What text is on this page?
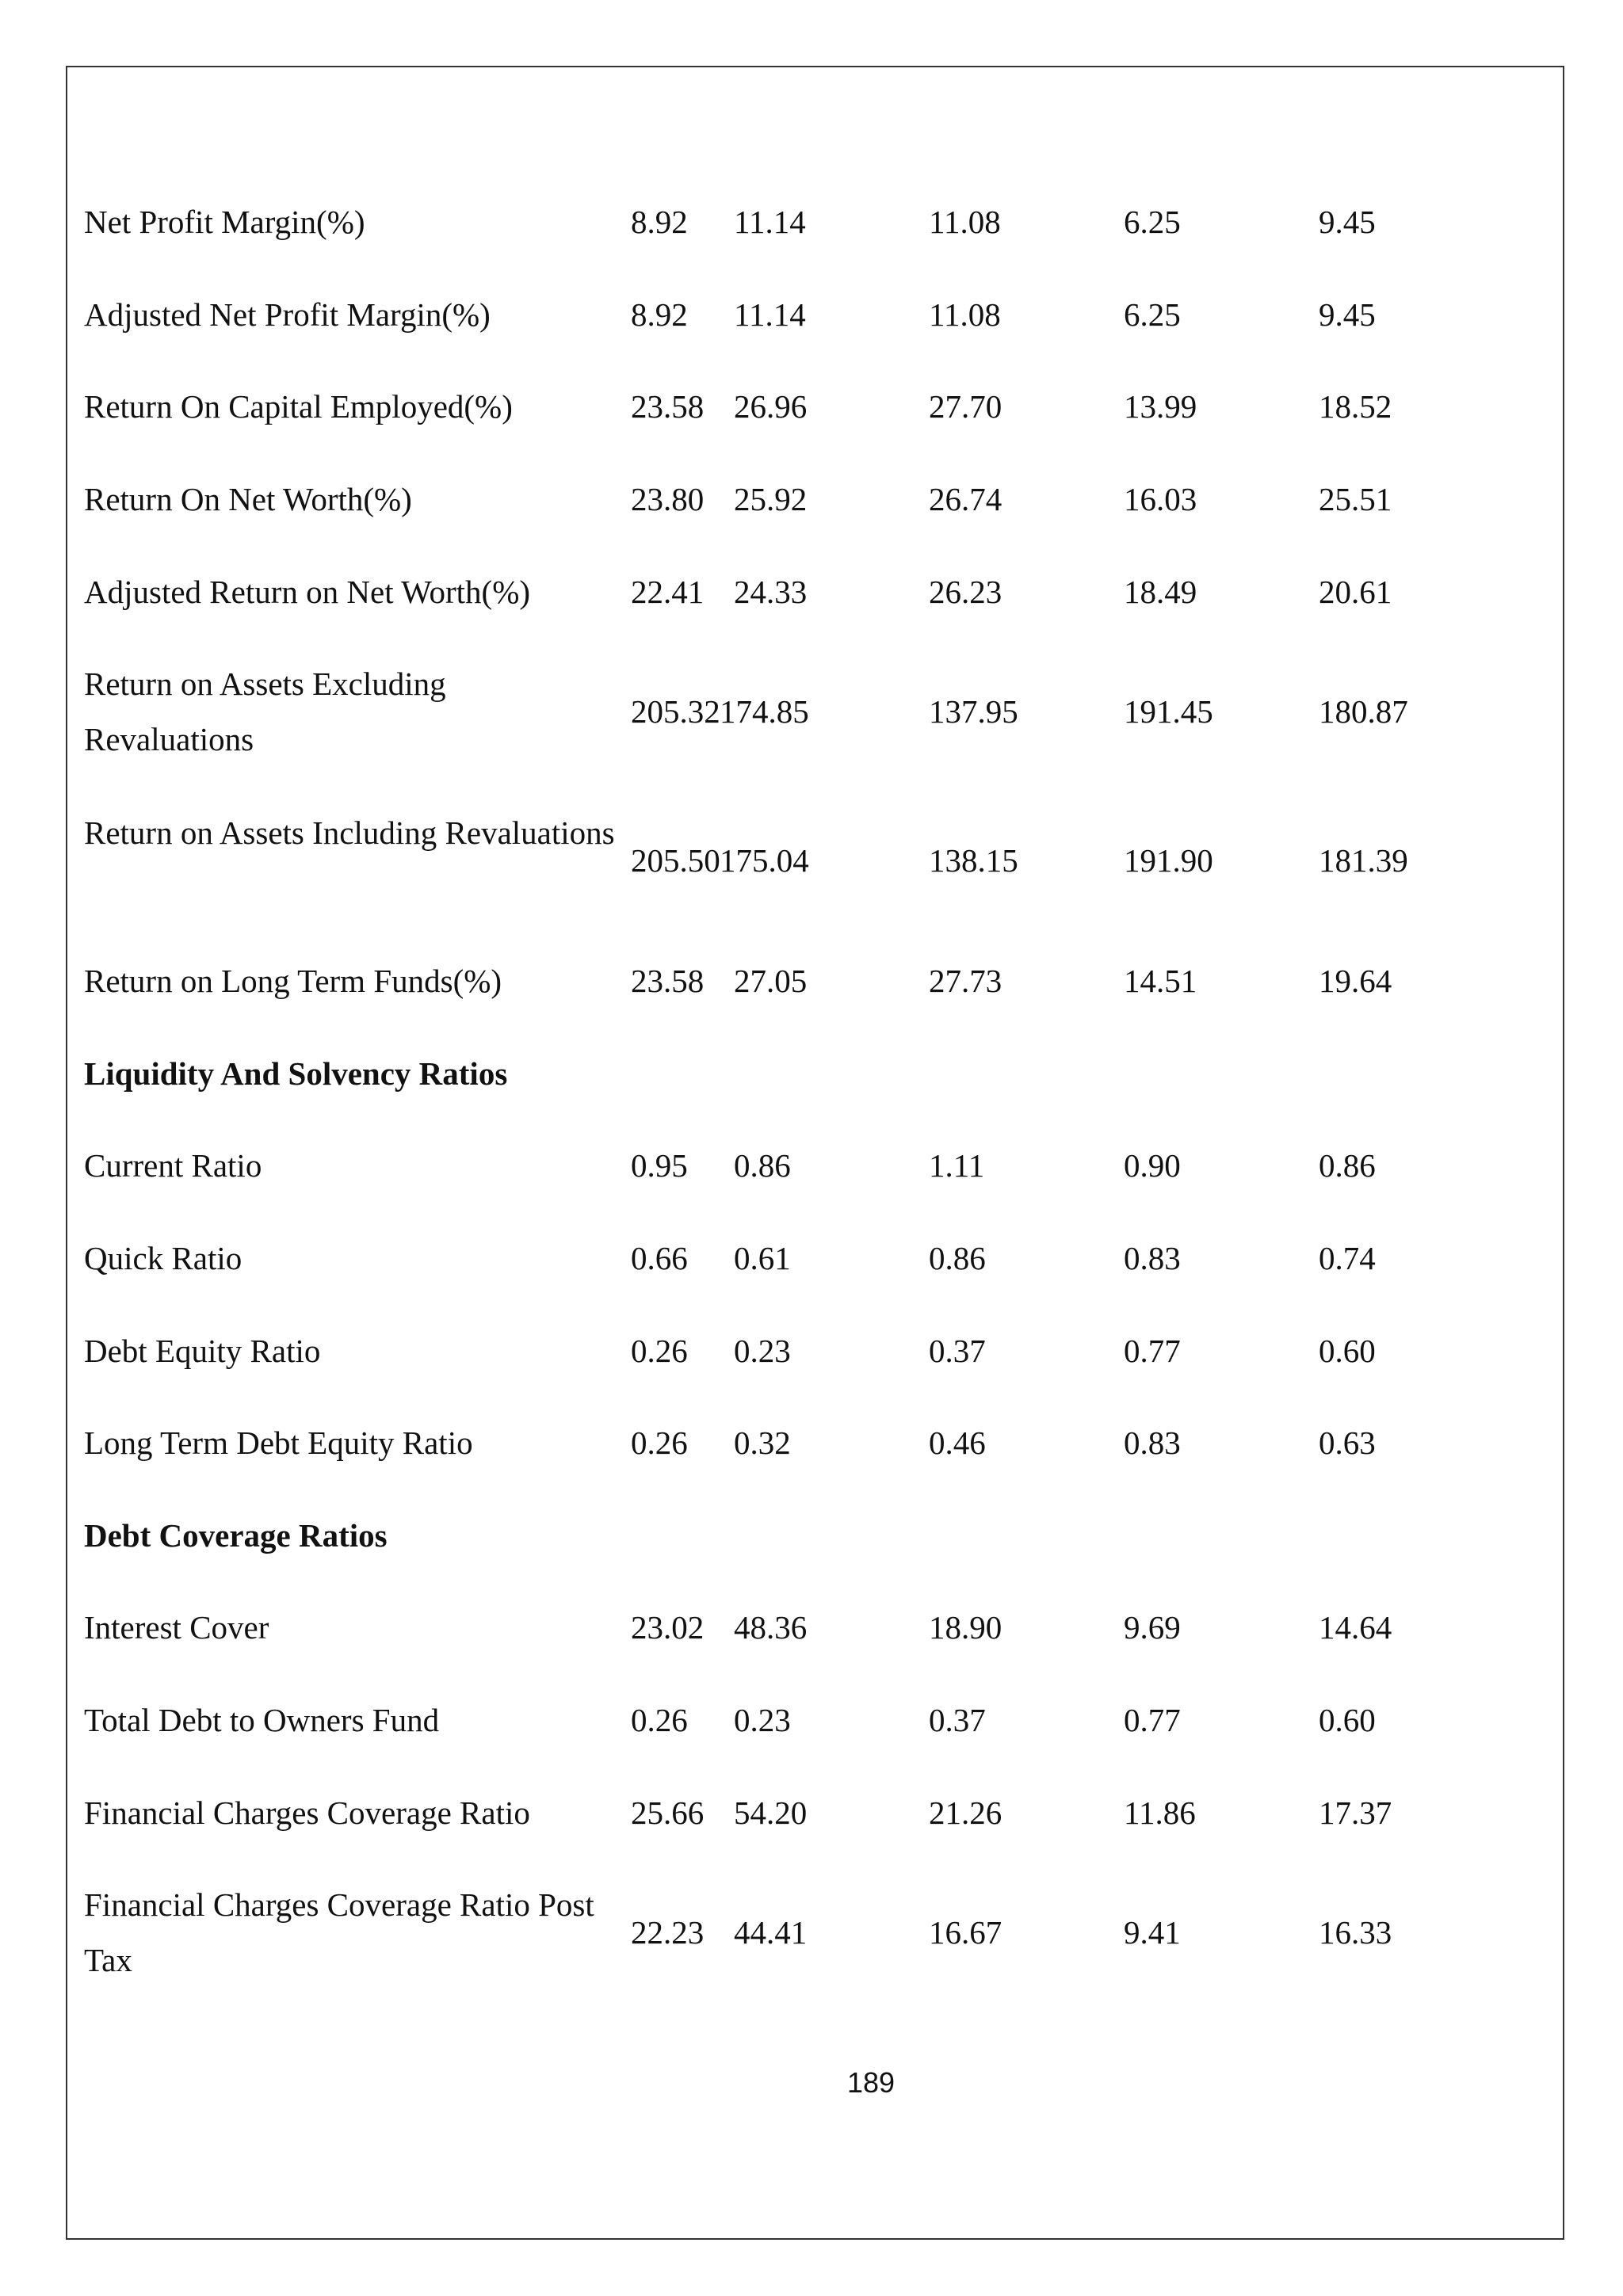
Net Profit Margin(%)	8.92 11.14	11.08	6.25	9.45
Adjusted Net Profit Margin(%)	8.92 11.14	11.08	6.25	9.45
Return On Capital Employed(%)	23.58 26.96	27.70	13.99	18.52
Return On Net Worth(%)	23.80 25.92	26.74	16.03	25.51
Adjusted Return on Net Worth(%)	22.41 24.33	26.23	18.49	20.61
Return on Assets Excluding Revaluations
205.32 174.85	137.95	191.45	180.87
Return on Assets Including Revaluations
205.50 175.04	138.15	191.90	181.39
Return on Long Term Funds(%)	23.58 27.05	27.73	14.51	19.64
Liquidity And Solvency Ratios
Current Ratio	0.95 0.86	1.11	0.90	0.86
Quick Ratio	0.66 0.61	0.86	0.83	0.74
Debt Equity Ratio	0.26 0.23	0.37	0.77	0.60
Long Term Debt Equity Ratio	0.26 0.32	0.46	0.83	0.63
Debt Coverage Ratios
Interest Cover	23.02 48.36	18.90	9.69	14.64
Total Debt to Owners Fund	0.26 0.23	0.37	0.77	0.60
Financial Charges Coverage Ratio	25.66 54.20	21.26	11.86	17.37
Financial Charges Coverage Ratio Post Tax
22.23 44.41	16.67	9.41	16.33
189
